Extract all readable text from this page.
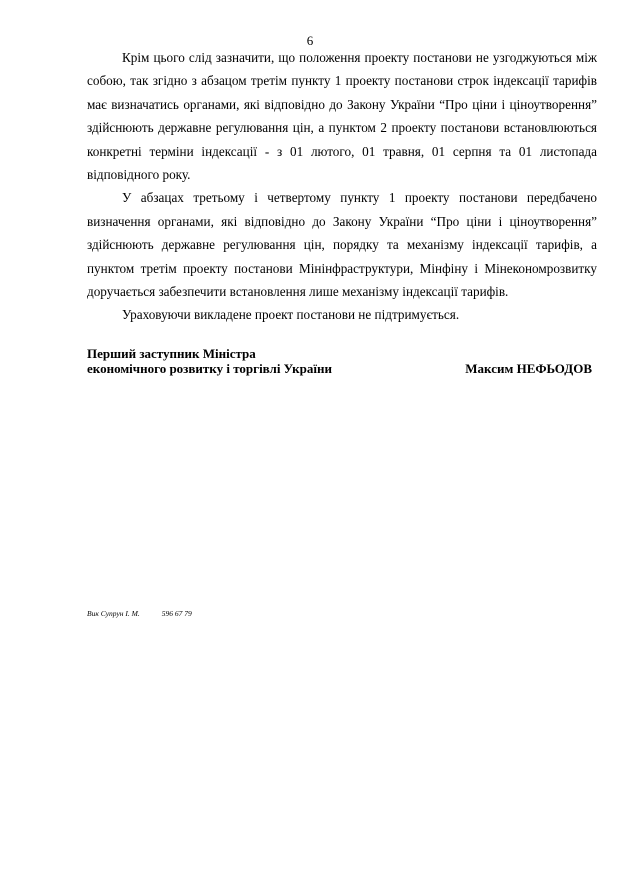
6

Крім цього слід зазначити, що положення проекту постанови не узгоджуються між собою, так згідно з абзацом третім пункту 1 проекту постанови строк індексації тарифів має визначатись органами, які відповідно до Закону України “Про ціни і ціноутворення” здійснюють державне регулювання цін, а пунктом 2 проекту постанови встановлюються конкретні терміни індексації - з 01 лютого, 01 травня, 01 серпня та 01 листопада відповідного року.

У абзацах третьому і четвертому пункту 1 проекту постанови передбачено визначення органами, які відповідно до Закону України “Про ціни і ціноутворення” здійснюють державне регулювання цін, порядку та механізму індексації тарифів, а пунктом третім проекту постанови Мінінфраструктури, Мінфіну і Мінекономрозвитку доручається забезпечити встановлення лише механізму індексації тарифів.

Ураховуючи викладене проект постанови не підтримується.

Перший заступник Міністра
економічного розвитку і торгівлі України	Максим НЕФЬОДОВ
Вик Супрун І. М.	596 67 79
